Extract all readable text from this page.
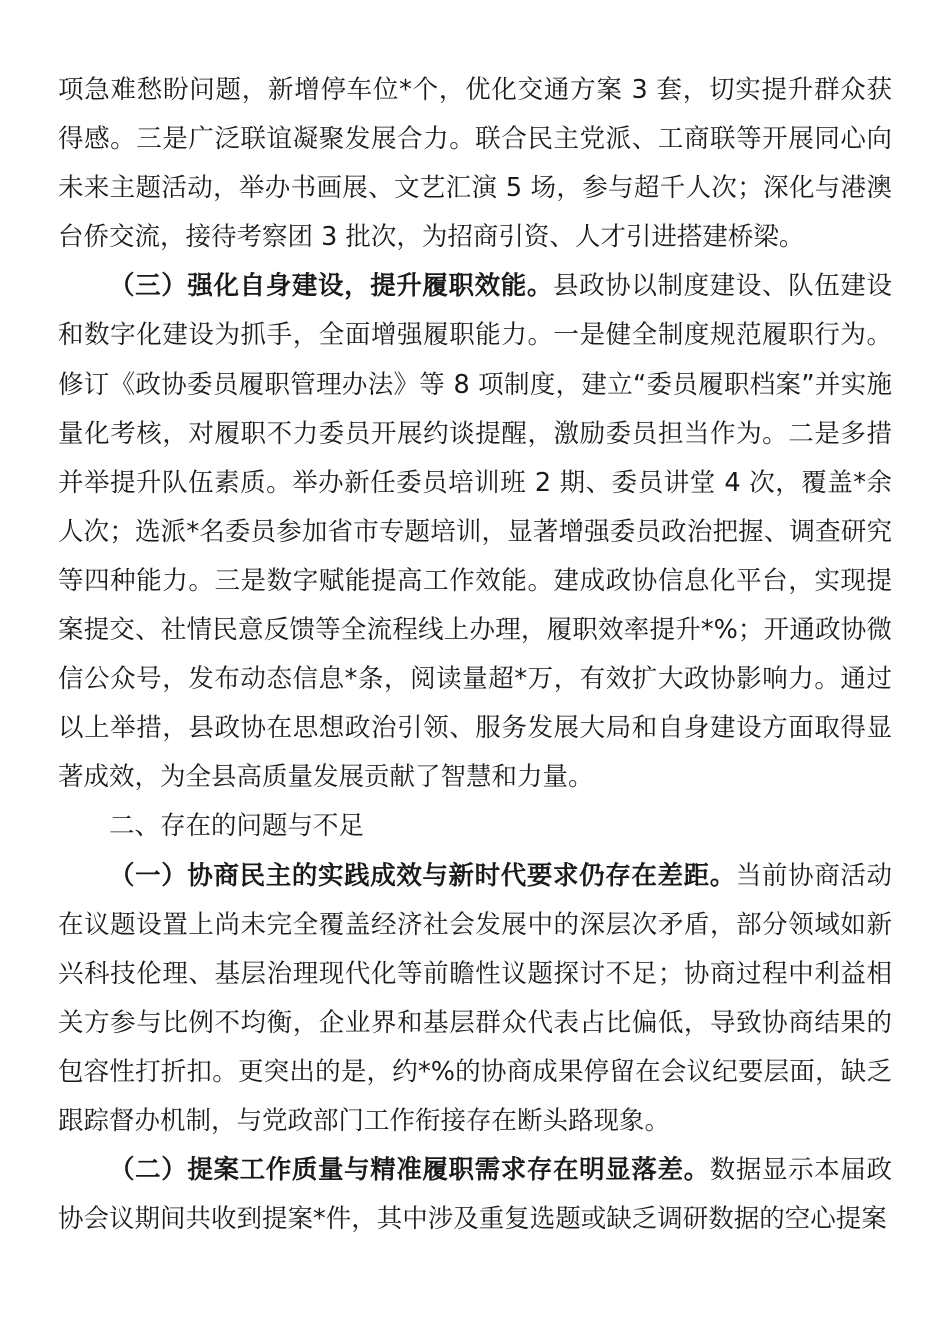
项急难愁盼问题，新增停车位*个，优化交通方案 3 套，切实提升群众获得感。三是广泛联谊凝聚发展合力。联合民主党派、工商联等开展同心向未来主题活动，举办书画展、文艺汇演 5 场，参与超千人次；深化与港澳台侨交流，接待考察团 3 批次，为招商引资、人才引进搭建桥梁。

（三）强化自身建设，提升履职效能。县政协以制度建设、队伍建设和数字化建设为抓手，全面增强履职能力。一是健全制度规范履职行为。修订《政协委员履职管理办法》等 8 项制度，建立“委员履职档案”并实施量化考核，对履职不力委员开展约谈提醒，激励委员担当作为。二是多措并举提升队伍素质。举办新任委员培训班 2 期、委员讲堂 4 次，覆盖*余人次；选派*名委员参加省市专题培训，显著增强委员政治把握、调查研究等四种能力。三是数字赋能提高工作效能。建成政协信息化平台，实现提案提交、社情民意反馈等全流程线上办理，履职效率提升*%；开通政协微信公众号，发布动态信息*条，阅读量超*万，有效扩大政协影响力。通过以上举措，县政协在思想政治引领、服务发展大局和自身建设方面取得显著成效，为全县高质量发展贡献了智慧和力量。

二、存在的问题与不足

（一）协商民主的实践成效与新时代要求仍存在差距。当前协商活动在议题设置上尚未完全覆盖经济社会发展中的深层次矛盾，部分领域如新兴科技伦理、基层治理现代化等前瞻性议题探讨不足；协商过程中利益相关方参与比例不均衡，企业界和基层群众代表占比偏低，导致协商结果的包容性打折扣。更突出的是，约*%的协商成果停留在会议纪要层面，缺乏跟踪督办机制，与党政部门工作衔接存在断头路现象。

（二）提案工作质量与精准履职需求存在明显落差。数据显示本届政协会议期间共收到提案*件，其中涉及重复选题或缺乏调研数据的空心提案
